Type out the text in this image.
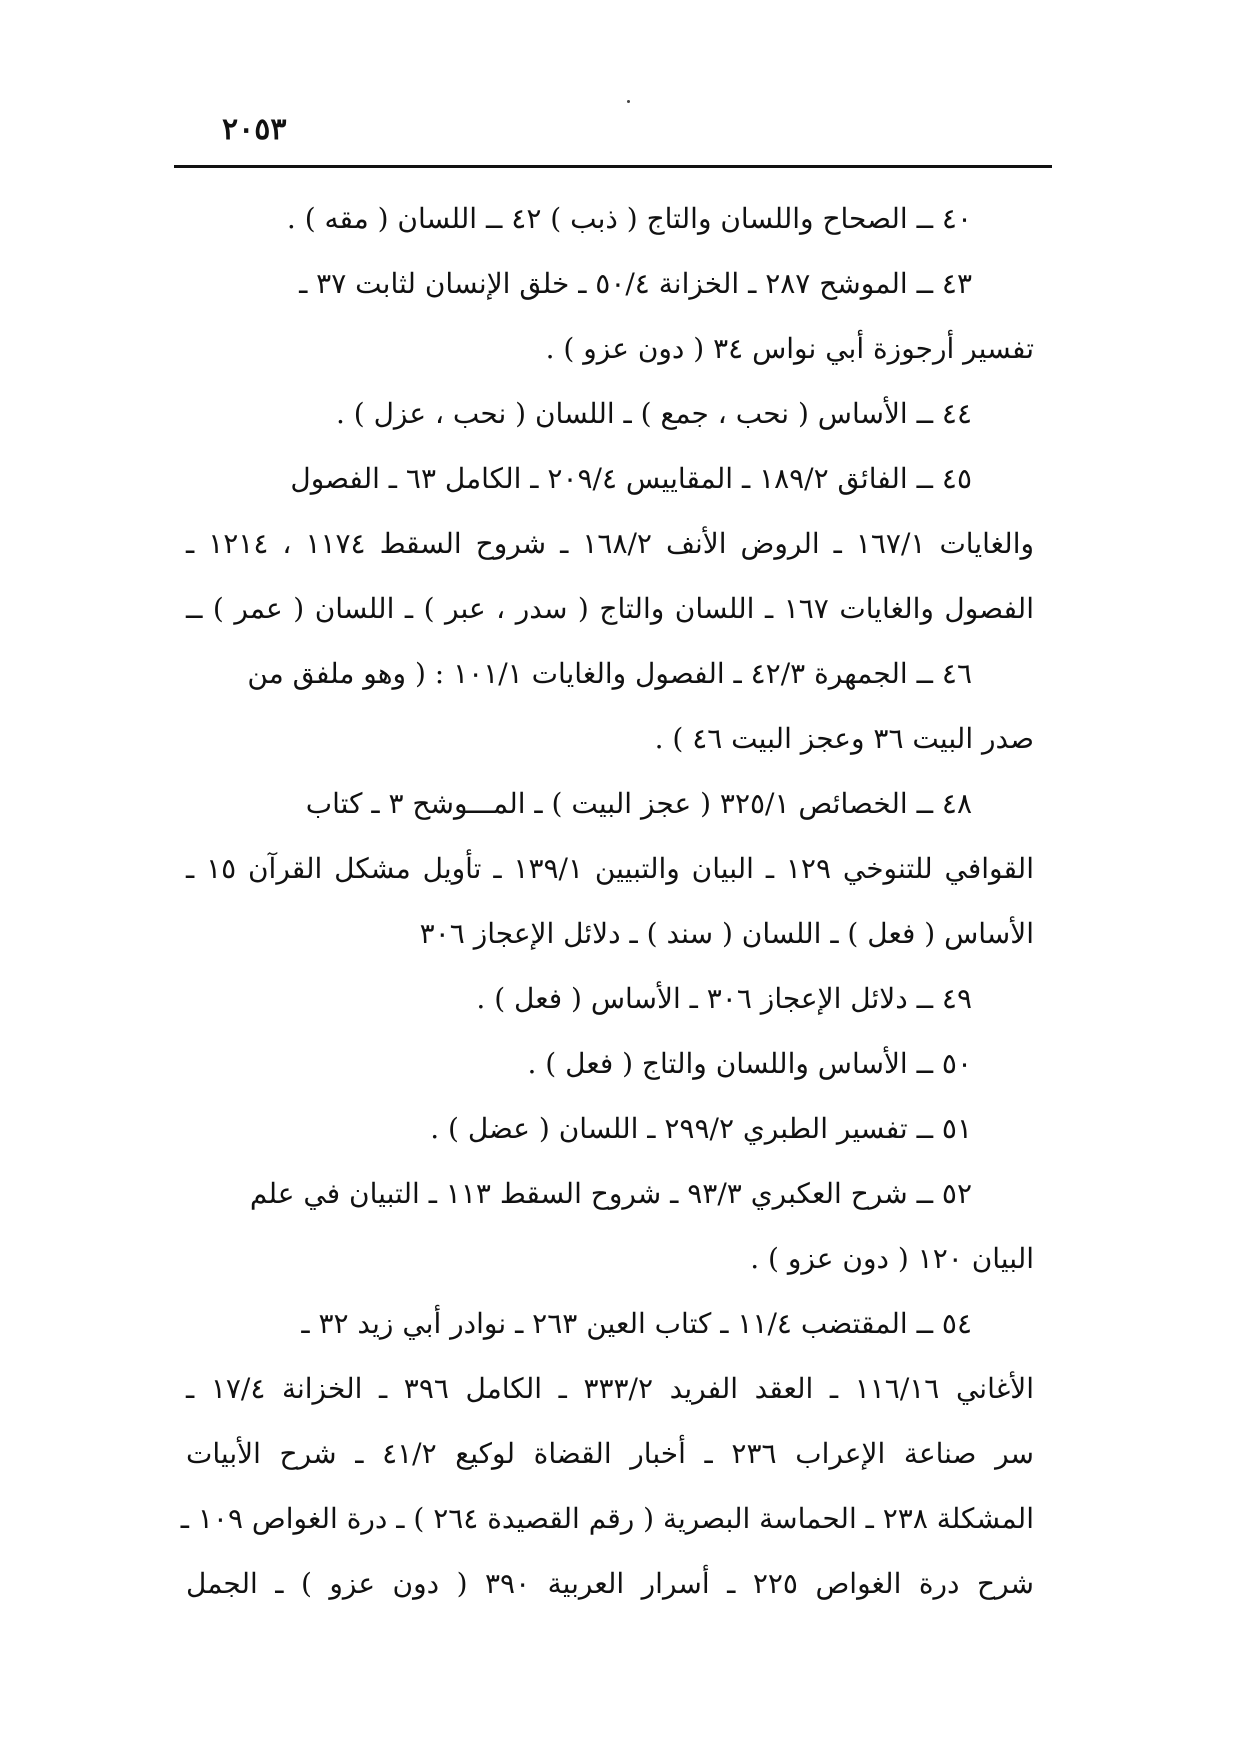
٢٠٥٣
٤٠ ــ الصحاح واللسان والتاج ( ذبب ) ٤٢ ــ اللسان ( مقه ) .
٤٣ ــ الموشح ٢٨٧ ـ الخزانة ٥٠/٤ ـ خلق الإنسان لثابت ٣٧ ـ
تفسير أرجوزة أبي نواس ٣٤ ( دون عزو ) .
٤٤ ــ الأساس ( نحب ، جمع ) ـ اللسان ( نحب ، عزل ) .
٤٥ ــ الفائق ١٨٩/٢ ـ المقاييس ٢٠٩/٤ ـ الكامل ٦٣ ـ الفصول
والغايات ١٦٧/١ ـ الروض الأنف ١٦٨/٢ ـ شروح السقط ١١٧٤ ، ١٢١٤ ـ
الفصول والغايات ١٦٧ ـ اللسان والتاج ( سدر ، عبر ) ـ اللسان ( عمر ) ــ
٤٦ ــ الجمهرة ٤٢/٣ ـ الفصول والغايات ١٠١/١ : ( وهو ملفق من
صدر البيت ٣٦ وعجز البيت ٤٦ ) .
٤٨ ــ الخصائص ٣٢٥/١ ( عجز البيت ) ـ المـــوشح ٣ ـ كتاب
القوافي للتنوخي ١٢٩ ـ البيان والتبيين ١٣٩/١ ـ تأويل مشكل القرآن ١٥ ـ
الأساس ( فعل ) ـ اللسان ( سند ) ـ دلائل الإعجاز ٣٠٦
٤٩ ــ دلائل الإعجاز ٣٠٦ ـ الأساس ( فعل ) .
٥٠ ــ الأساس واللسان والتاج ( فعل ) .
٥١ ــ تفسير الطبري ٢٩٩/٢ ـ اللسان ( عضل ) .
٥٢ ــ شرح العكبري ٩٣/٣ ـ شروح السقط ١١٣ ـ التبيان في علم
البيان ١٢٠ ( دون عزو ) .
٥٤ ــ المقتضب ١١/٤ ـ كتاب العين ٢٦٣ ـ نوادر أبي زيد ٣٢ ـ
الأغاني ١١٦/١٦ ـ العقد الفريد ٣٣٣/٢ ـ الكامل ٣٩٦ ـ الخزانة ١٧/٤ ـ
سر صناعة الإعراب ٢٣٦ ـ أخبار القضاة لوكيع ٤١/٢ ـ شرح الأبيات
المشكلة ٢٣٨ ـ الحماسة البصرية ( رقم القصيدة ٢٦٤ ) ـ درة الغواص ١٠٩ ـ
شرح درة الغواص ٢٢٥ ـ أسرار العربية ٣٩٠ ( دون عزو ) ـ الجمل
